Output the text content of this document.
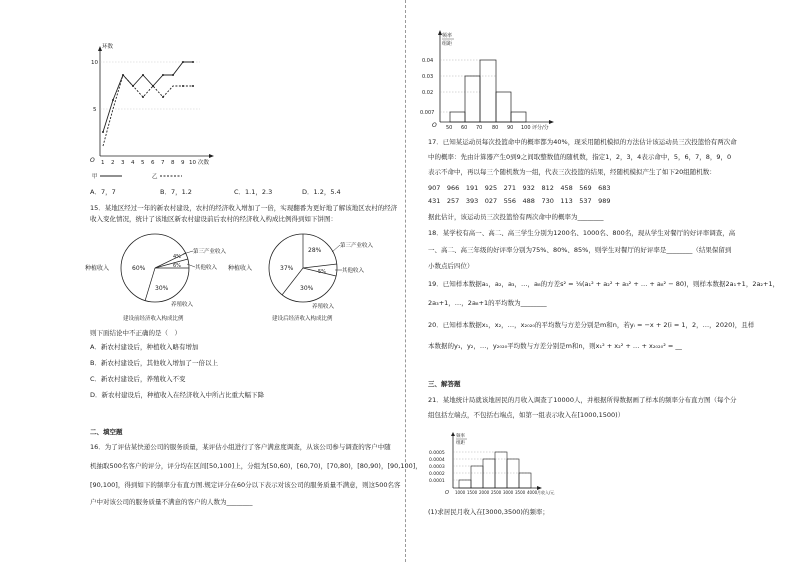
环数
10
5
O 1 2 3 4 5 6 7 8 9 10 次数
甲	乙
A．7，7	B．7，1.2	C．1.1，2.3	D．1.2，5.4
15．某地区经过一年的新农村建设，农村的经济收入增加了一倍，实现翻番为更好地了解该地区农村的经济
收入变化情况，统计了该地区新农村建设前后农村的经济收入构成比例得到如下饼图：
60%
4%
6%
30%
种植收入
第三产业收入
其他收入
养殖收入
建设前经济收入构成比例
28%
5%
37%
30%
种植收入
第三产业收入
其他收入
养殖收入
建设后经济收入构成比例
则下面结论中不正确的是（　）
A．新农村建设后，种植收入略有增加
B．新农村建设后，其他收入增加了一倍以上
C．新农村建设后，养殖收入不变
D．新农村建设后，种植收入在经济收入中所占比重大幅下降
二、填空题
16．为了评估某快递公司的服务质量，某评估小组进行了客户满意度调查，从该公司参与调查的客户中随
机抽取500名客户的评分，评分均在区间[50,100]上，分组为[50,60)，[60,70)，[70,80)，[80,90)，[90,100]，
[90,100]，得到如下的频率分布直方图.规定评分在60分以下表示对该公司的服务质量不满意，则这500名客
户中对该公司的服务质量不满意的客户的人数为________
频率
组距
0.04
0.03
0.02
0.007
O 50 60 70 80 90 100 评分/分
17．已知某运动员每次投篮命中的概率都为40%，现采用随机模拟的方法估计该运动员三次投篮恰有两次命
中的概率：先由计算器产生0到9之间取整数值的随机数，指定1，2，3，4表示命中，5，6，7，8，9，0
表示不命中，再以每三个随机数为一组，代表三次投篮的结果，经随机模拟产生了如下20组随机数：
907　966　191　925　271　932　812　458　569　683
431　257　393　027　556　488　730　113　537　989
据此估计，该运动员三次投篮恰有两次命中的概率为________
18．某学校有高一、高二、高三学生分别为1200名、1000名、800名，现从学生对餐厅的好评率调查，高
一、高二、高三年级的好评率分别为75%、80%、85%，则学生对餐厅的好评率是________（结果保留到
小数点后四位）
19．已知样本数据a₁，a₂，a₃，…，a₈的方差s² = ⅛(a₁² + a₂² + a₃² + … + a₈² − 80)，则样本数据2a₁+1，2a₂+1，
2a₃+1，…，2a₈+1的平均数为________
20．已知样本数据x₁，x₂，…，x₂₀₂₀的平均数与方差分别是m和n，若yᵢ = −x + 2(i = 1，2，…，2020)，且样
本数据的y₁，y₂，…，y₂₀₂₀平均数与方差分别是m和n，则x₁² + x₂² + … + x₂₀₂₀² = __
三、解答题
21．某地统计局就该地居民的月收入调查了10000人，并根据所得数据画了样本的频率分布直方图（每个分
组包括左端点，不包括右端点，如第一组表示收入在[1000,1500)）
频率
组距
0.0005
0.0004
0.0003
0.0002
0.0001
O 1000 1500 2000 2500 3000 3500 4000 月收入/元
(1)求居民月收入在[3000,3500)的频率；
